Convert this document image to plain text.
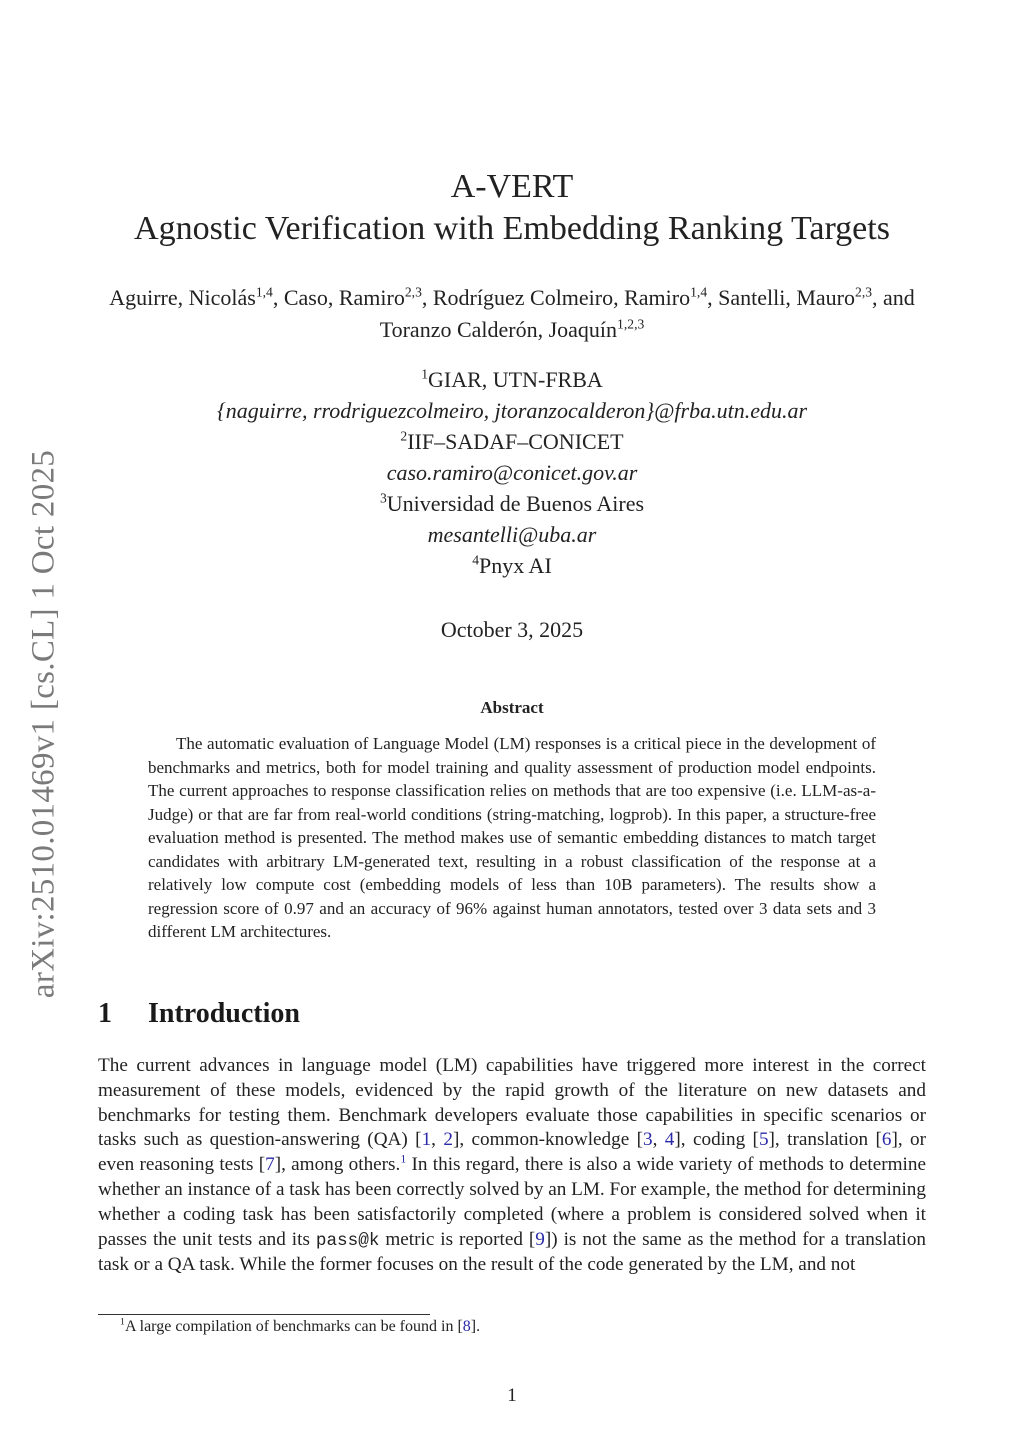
arXiv:2510.01469v1 [cs.CL] 1 Oct 2025
A-VERT
Agnostic Verification with Embedding Ranking Targets
Aguirre, Nicolás$^{1,4}$, Caso, Ramiro$^{2,3}$, Rodríguez Colmeiro, Ramiro$^{1,4}$, Santelli, Mauro$^{2,3}$, and Toranzo Calderón, Joaquín$^{1,2,3}$
$^1$GIAR, UTN-FRBA
{naguirre, rrodriguezcolmeiro, jtoranzocalderon}@frba.utn.edu.ar
$^2$IIF–SADAF–CONICET
caso.ramiro@conicet.gov.ar
$^3$Universidad de Buenos Aires
mesantelli@uba.ar
$^4$Pnyx AI
October 3, 2025
Abstract
The automatic evaluation of Language Model (LM) responses is a critical piece in the development of benchmarks and metrics, both for model training and quality assessment of production model endpoints. The current approaches to response classification relies on methods that are too expensive (i.e. LLM-as-a-Judge) or that are far from real-world conditions (string-matching, logprob). In this paper, a structure-free evaluation method is presented. The method makes use of semantic embedding distances to match target candidates with arbitrary LM-generated text, resulting in a robust classification of the response at a relatively low compute cost (embedding models of less than 10B parameters). The results show a regression score of 0.97 and an accuracy of 96% against human annotators, tested over 3 data sets and 3 different LM architectures.
1 Introduction
The current advances in language model (LM) capabilities have triggered more interest in the correct measurement of these models, evidenced by the rapid growth of the literature on new datasets and benchmarks for testing them. Benchmark developers evaluate those capabilities in specific scenarios or tasks such as question-answering (QA) [1, 2], common-knowledge [3, 4], coding [5], translation [6], or even reasoning tests [7], among others.$^1$ In this regard, there is also a wide variety of methods to determine whether an instance of a task has been correctly solved by an LM. For example, the method for determining whether a coding task has been satisfactorily completed (where a problem is considered solved when it passes the unit tests and its pass@k metric is reported [9]) is not the same as the method for a translation task or a QA task. While the former focuses on the result of the code generated by the LM, and not
$^1$A large compilation of benchmarks can be found in [8].
1
